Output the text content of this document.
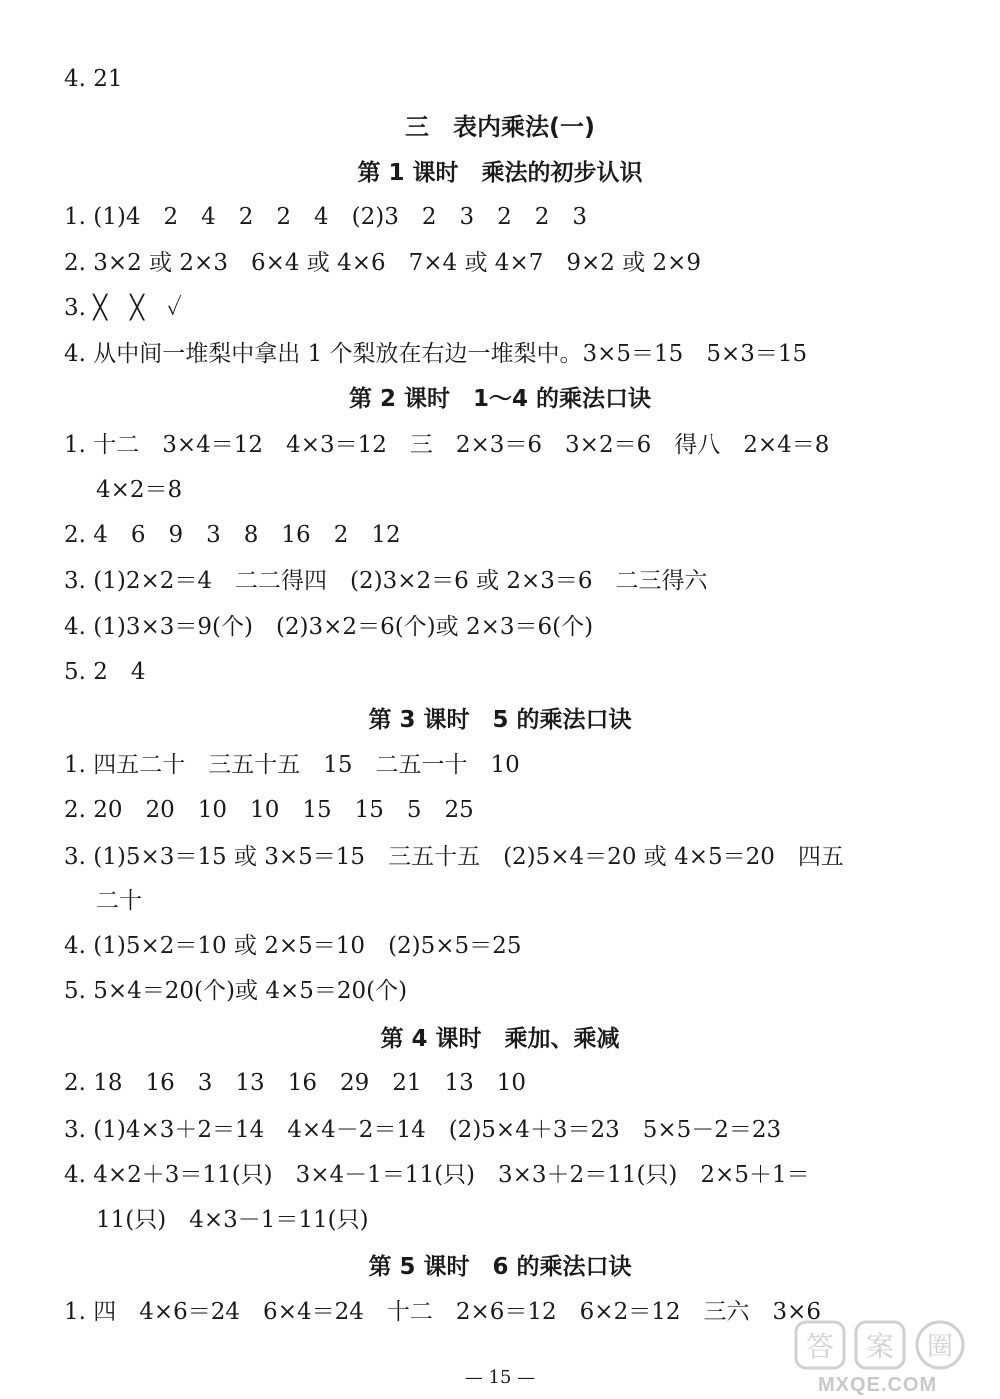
4. 21
三　表内乘法(一)
第 1 课时　乘法的初步认识
1. (1)4　2　4　2　2　4　(2)3　2　3　2　2　3
2. 3×2 或 2×3　6×4 或 4×6　7×4 或 4×7　9×2 或 2×9
3. ╳　╳　✓
4. 从中间一堆梨中拿出 1 个梨放在右边一堆梨中。3×5＝15　5×3＝15
第 2 课时　1～4 的乘法口诀
1. 十二　3×4＝12　4×3＝12　三　2×3＝6　3×2＝6　得八　2×4＝8
4×2＝8
2. 4　6　9　3　8　16　2　12
3. (1)2×2＝4　二二得四　(2)3×2＝6 或 2×3＝6　二三得六
4. (1)3×3＝9(个)　(2)3×2＝6(个)或 2×3＝6(个)
5. 2　4
第 3 课时　5 的乘法口诀
1. 四五二十　三五十五　15　二五一十　10
2. 20　20　10　10　15　15　5　25
3. (1)5×3＝15 或 3×5＝15　三五十五　(2)5×4＝20 或 4×5＝20　四五
二十
4. (1)5×2＝10 或 2×5＝10　(2)5×5＝25
5. 5×4＝20(个)或 4×5＝20(个)
第 4 课时　乘加、乘减
2. 18　16　3　13　16　29　21　13　10
3. (1)4×3＋2＝14　4×4－2＝14　(2)5×4＋3＝23　5×5－2＝23
4. 4×2＋3＝11(只)　3×4－1＝11(只)　3×3＋2＝11(只)　2×5＋1＝
11(只)　4×3－1＝11(只)
第 5 课时　6 的乘法口诀
1. 四　4×6＝24　6×4＝24　十二　2×6＝12　6×2＝12　三六　3×6
— 15 —
答 案 圈
MXQE.COM
